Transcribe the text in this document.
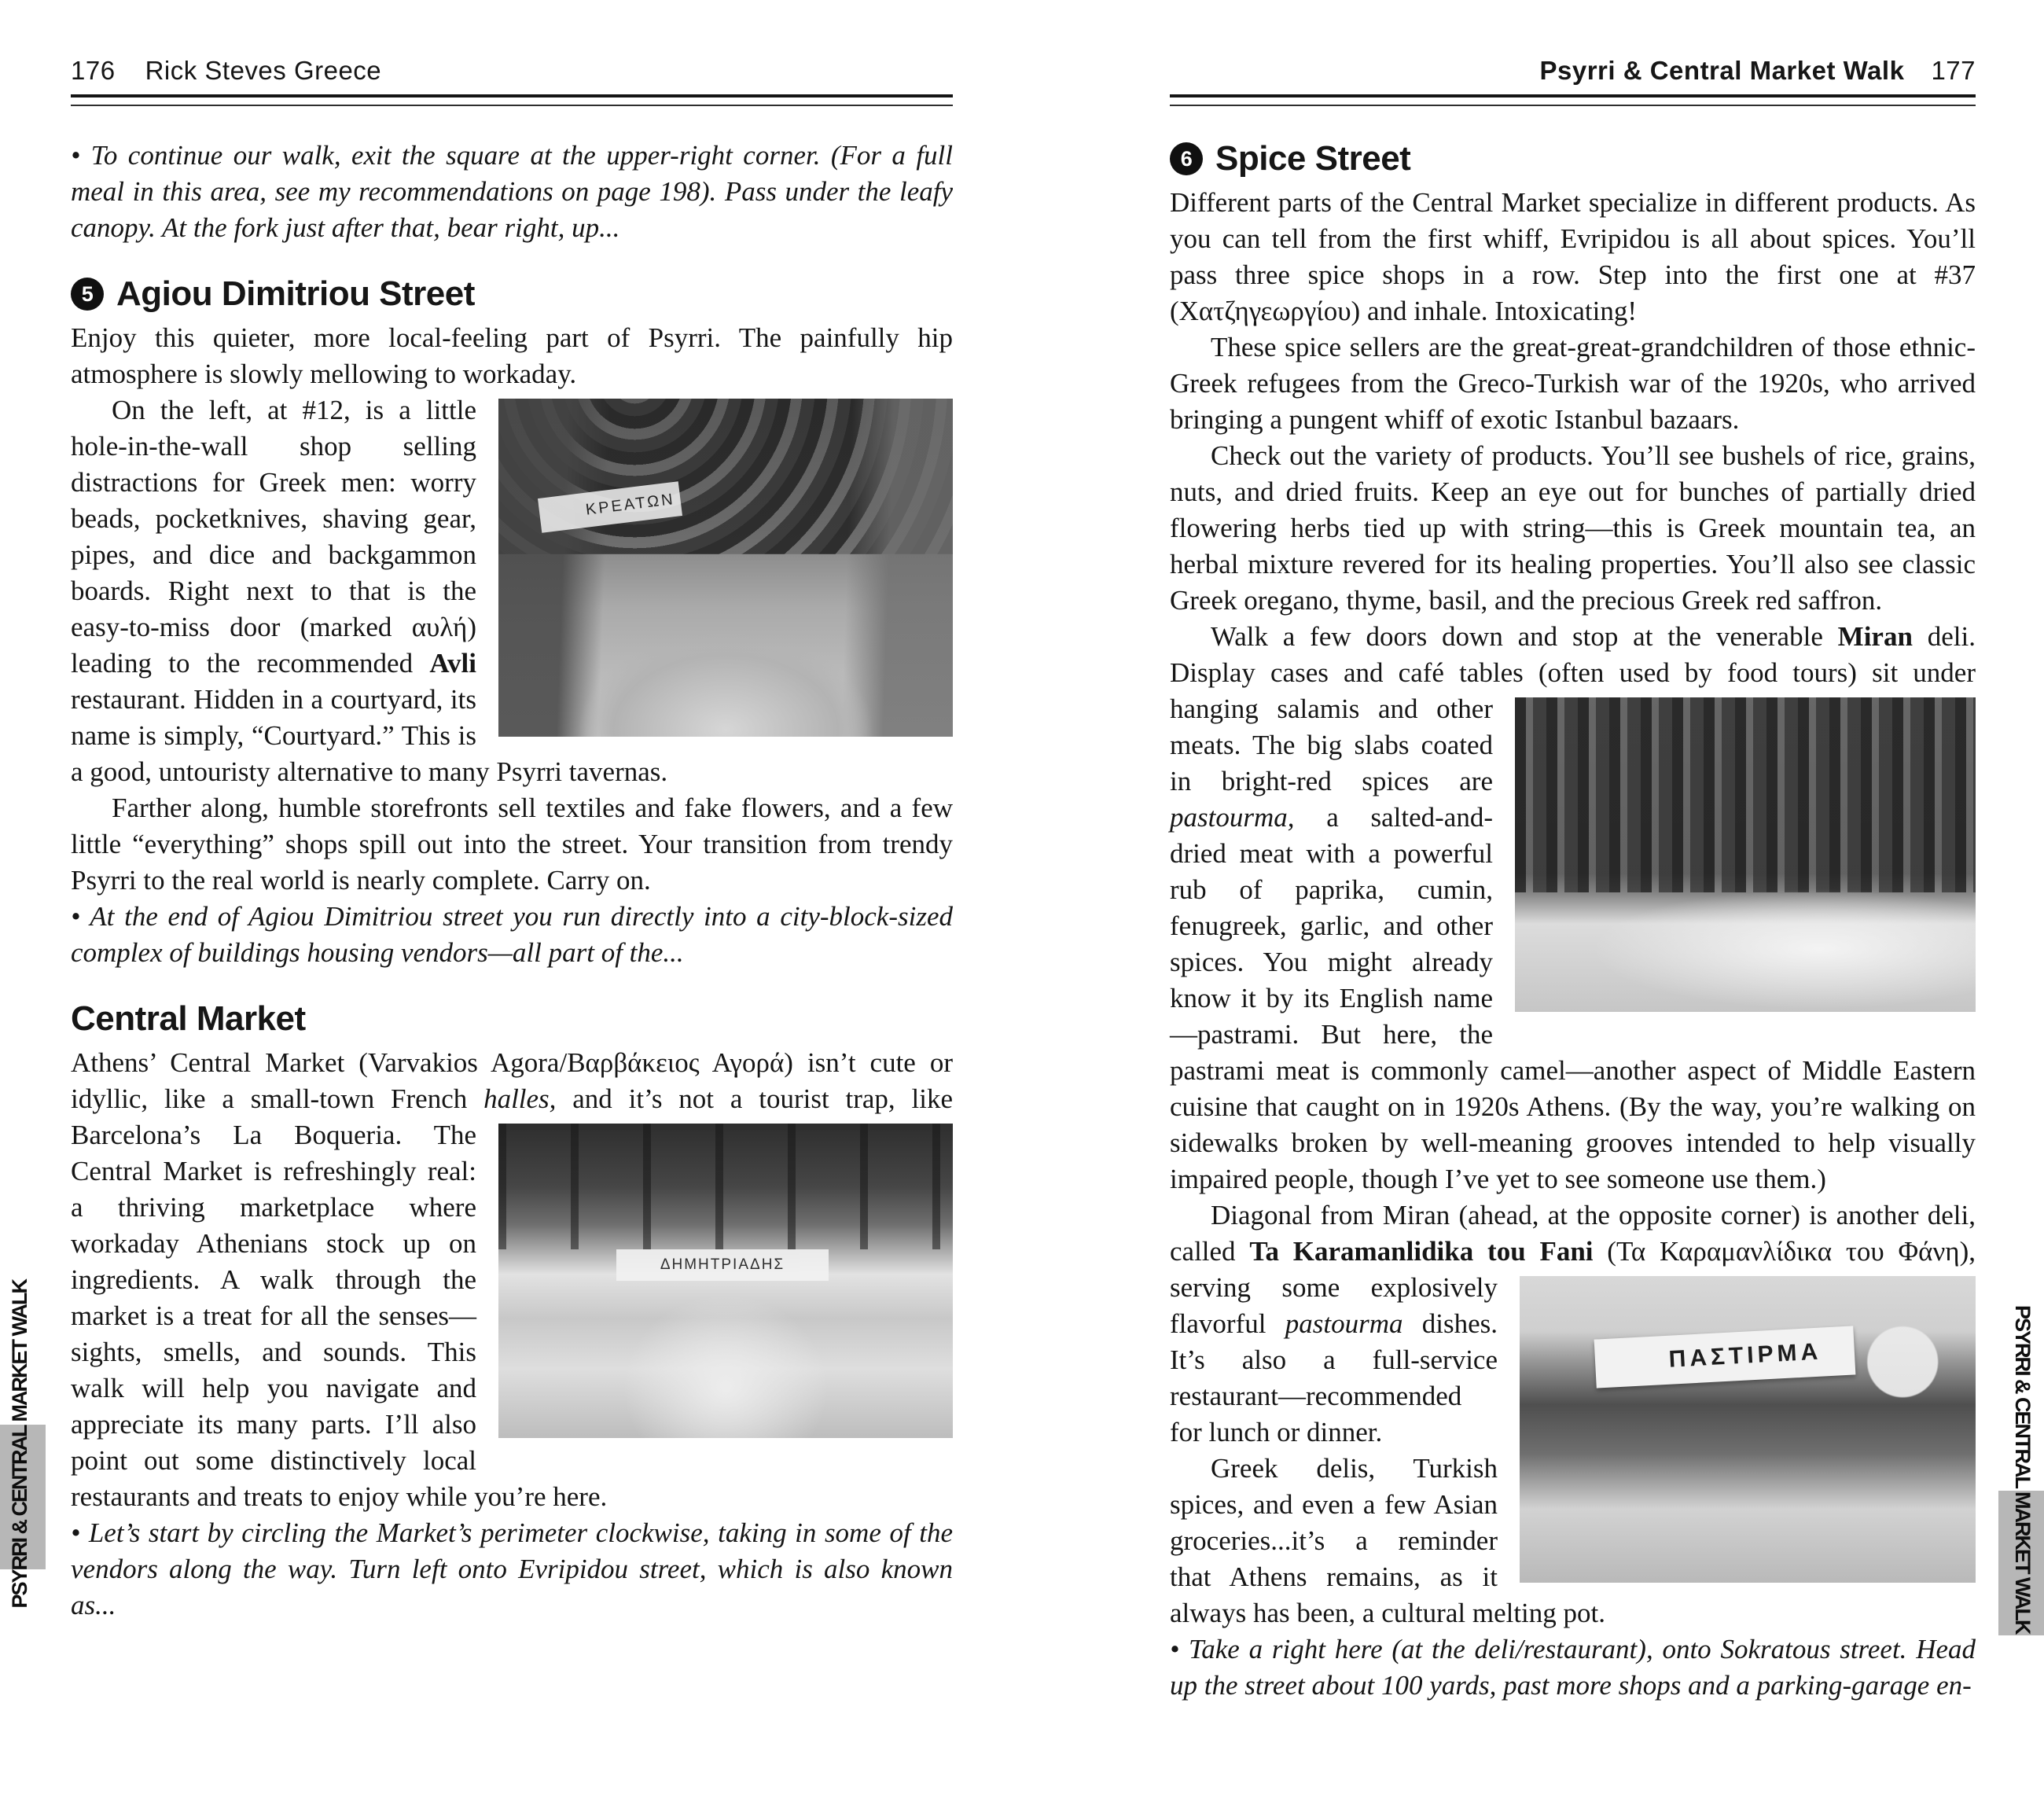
PSYRRI & CENTRAL MARKET WALK	PSYRRI & CENTRAL MARKET WALK
176 Rick Steves Greece

• To continue our walk, exit the square at the upper-right corner. (For a full meal in this area, see my recommendations on page 198). Pass under the leafy canopy. At the fork just after that, bear right, up...

5 Agiou Dimitriou Street

Enjoy this quieter, more local-feeling part of Psyrri. The painfully hip atmosphere is slowly mellowing to workaday.

ΚΡΕΑΤΩΝ
On the left, at #12, is a little hole-in-the-wall shop selling distractions for Greek men: worry beads, pocketknives, shaving gear, pipes, and dice and backgammon boards. Right next to that is the easy-to-miss door (marked αυλή) leading to the recommended Avli restaurant. Hidden in a courtyard, its name is simply, “Courtyard.” This is a good, untouristy alternative to many Psyrri tavernas.

Farther along, humble storefronts sell textiles and fake flowers, and a few little “everything” shops spill out into the street. Your transition from trendy Psyrri to the real world is nearly complete. Carry on.

• At the end of Agiou Dimitriou street you run directly into a city-block-sized complex of buildings housing vendors—all part of the...

Central Market

Athens’ Central Market (Varvakios Agora/Βαρβάκειος Αγορά) isn’t cute or idyllic, like a small-town French halles, and it’s not a
ΔΗΜΗΤΡΙΑΔΗΣ
tourist trap, like Barcelona’s La Boqueria. The Central Market is refreshingly real: a thriving marketplace where workaday Athenians stock up on ingredients. A walk through the market is a treat for all the senses—sights, smells, and sounds. This walk will help you navigate and appreciate its many parts. I’ll also point out some distinctively local restaurants and treats to enjoy while you’re here.

• Let’s start by circling the Market’s perimeter clockwise, taking in some of the vendors along the way. Turn left onto Evripidou street, which is also known as...

Psyrri & Central Market Walk 177
6 Spice Street

Different parts of the Central Market specialize in different products. As you can tell from the first whiff, Evripidou is all about spices. You’ll pass three spice shops in a row. Step into the first one at #37 (Χατζηγεωργίου) and inhale. Intoxicating!

These spice sellers are the great-great-grandchildren of those ethnic-Greek refugees from the Greco-Turkish war of the 1920s, who arrived bringing a pungent whiff of exotic Istanbul bazaars.

Check out the variety of products. You’ll see bushels of rice, grains, nuts, and dried fruits. Keep an eye out for bunches of partially dried flowering herbs tied up with string—this is Greek mountain tea, an herbal mixture revered for its healing properties. You’ll also see classic Greek oregano, thyme, basil, and the precious Greek red saffron.

Walk a few doors down and stop at the venerable Miran deli. Display cases and café tables (often used by food tours) sit under
hanging salamis and other meats. The big slabs coated in bright-red spices are pastourma, a salted-and-dried meat with a powerful rub of paprika, cumin, fenugreek, garlic, and other spices. You might already know it by its English name—pastrami. But here, the pastrami meat is commonly camel—another aspect of Middle Eastern cuisine that caught on in 1920s Athens. (By the way, you’re walking on sidewalks broken by well-meaning grooves intended to help visually impaired people, though I’ve yet to see someone use them.)

Diagonal from Miran (ahead, at the opposite corner) is another deli, called Ta Karamanlidika tou Fani (Τα Καραμανλίδικα
ΠΑΣΤΙΡΜΑ
του Φάνη), serving some explosively flavorful pastourma dishes. It’s also a full-service restaurant—recommended for lunch or dinner.

Greek delis, Turkish spices, and even a few Asian groceries...it’s a reminder that Athens remains, as it always has been, a cultural melting pot.

• Take a right here (at the deli/restaurant), onto Sokratous street. Head up the street about 100 yards, past more shops and a parking-garage en-
